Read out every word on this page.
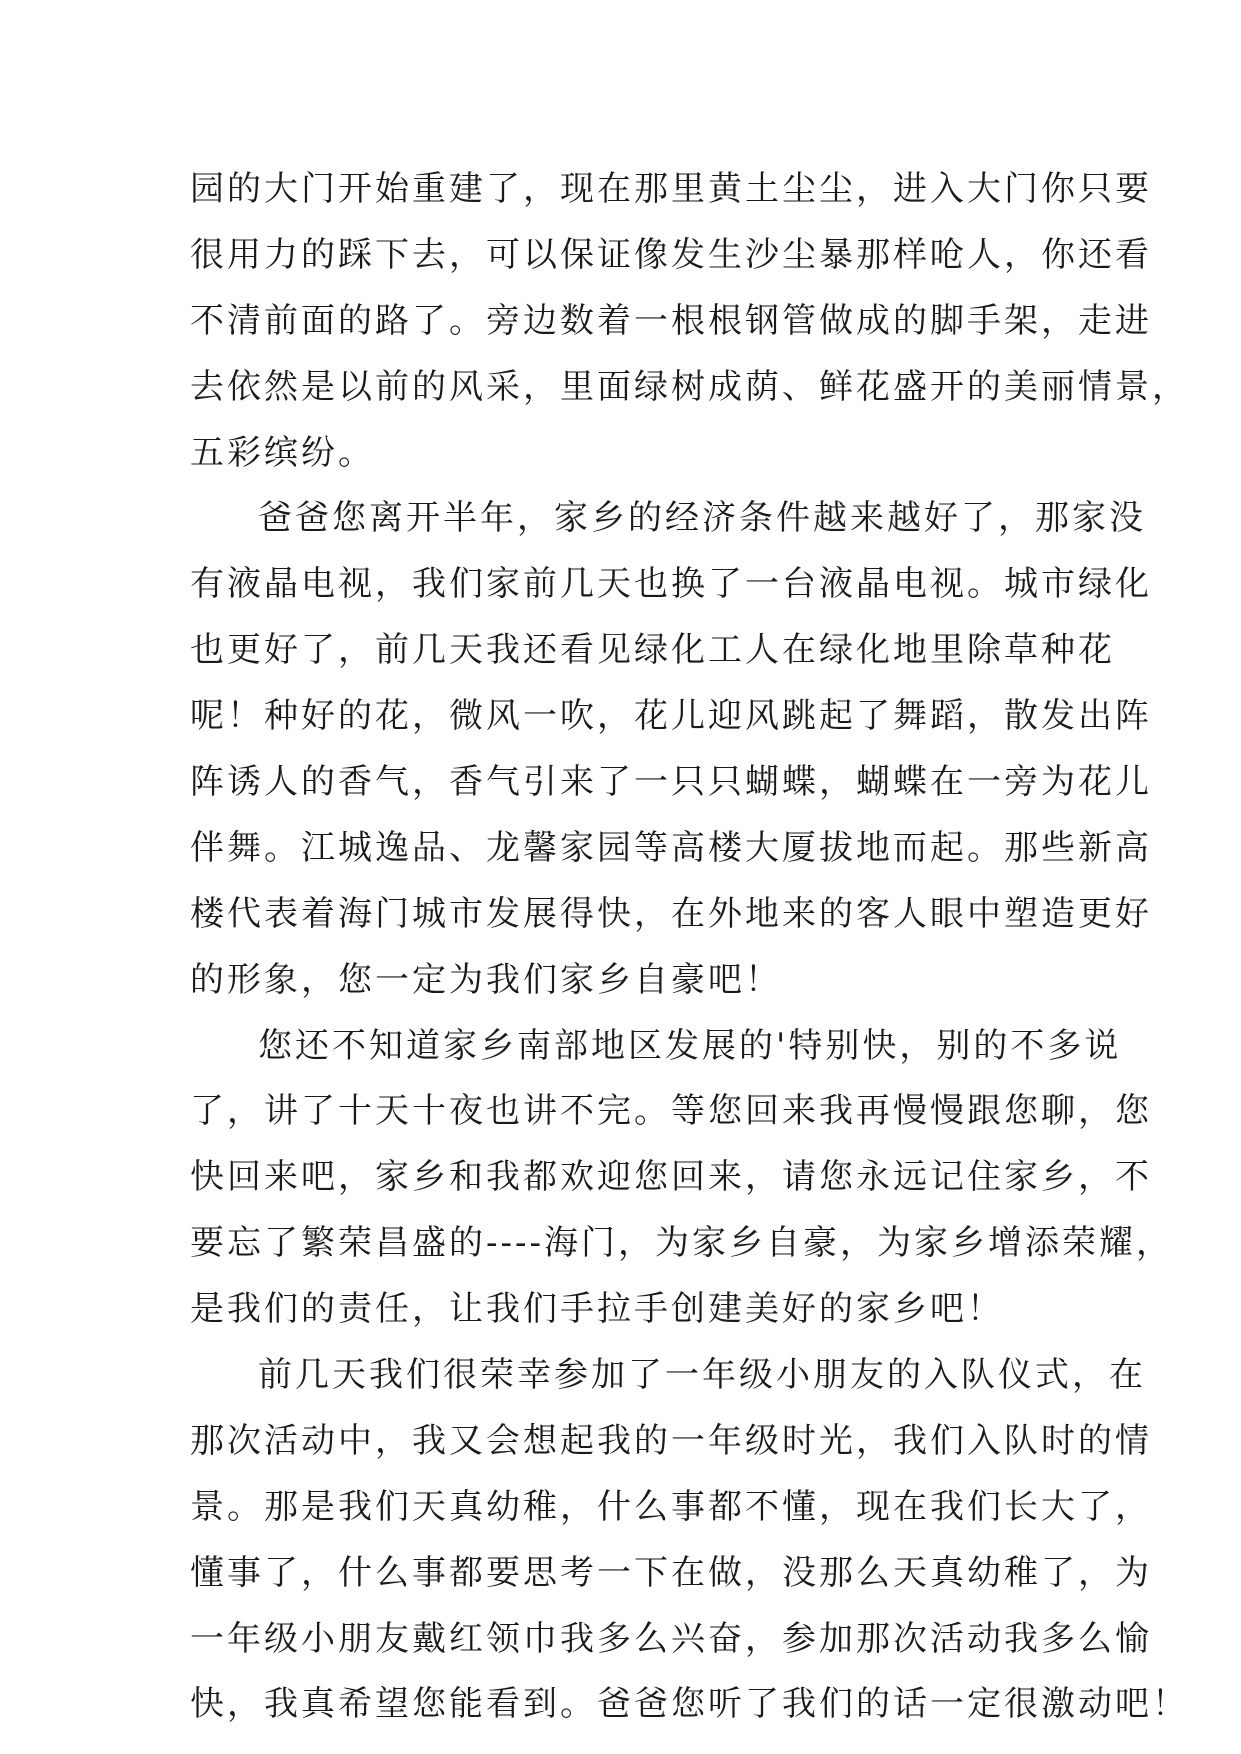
园的大门开始重建了，现在那里黄土尘尘，进入大门你只要
很用力的踩下去，可以保证像发生沙尘暴那样呛人，你还看
不清前面的路了。旁边数着一根根钢管做成的脚手架，走进
去依然是以前的风采，里面绿树成荫、鲜花盛开的美丽情景，
五彩缤纷。
爸爸您离开半年，家乡的经济条件越来越好了，那家没
有液晶电视，我们家前几天也换了一台液晶电视。城市绿化
也更好了，前几天我还看见绿化工人在绿化地里除草种花
呢！种好的花，微风一吹，花儿迎风跳起了舞蹈，散发出阵
阵诱人的香气，香气引来了一只只蝴蝶，蝴蝶在一旁为花儿
伴舞。江城逸品、龙馨家园等高楼大厦拔地而起。那些新高
楼代表着海门城市发展得快，在外地来的客人眼中塑造更好
的形象，您一定为我们家乡自豪吧！
您还不知道家乡南部地区发展的'特别快，别的不多说
了，讲了十天十夜也讲不完。等您回来我再慢慢跟您聊，您
快回来吧，家乡和我都欢迎您回来，请您永远记住家乡，不
要忘了繁荣昌盛的----海门，为家乡自豪，为家乡增添荣耀，
是我们的责任，让我们手拉手创建美好的家乡吧！
前几天我们很荣幸参加了一年级小朋友的入队仪式，在
那次活动中，我又会想起我的一年级时光，我们入队时的情
景。那是我们天真幼稚，什么事都不懂，现在我们长大了，
懂事了，什么事都要思考一下在做，没那么天真幼稚了，为
一年级小朋友戴红领巾我多么兴奋，参加那次活动我多么愉
快，我真希望您能看到。爸爸您听了我们的话一定很激动吧！
